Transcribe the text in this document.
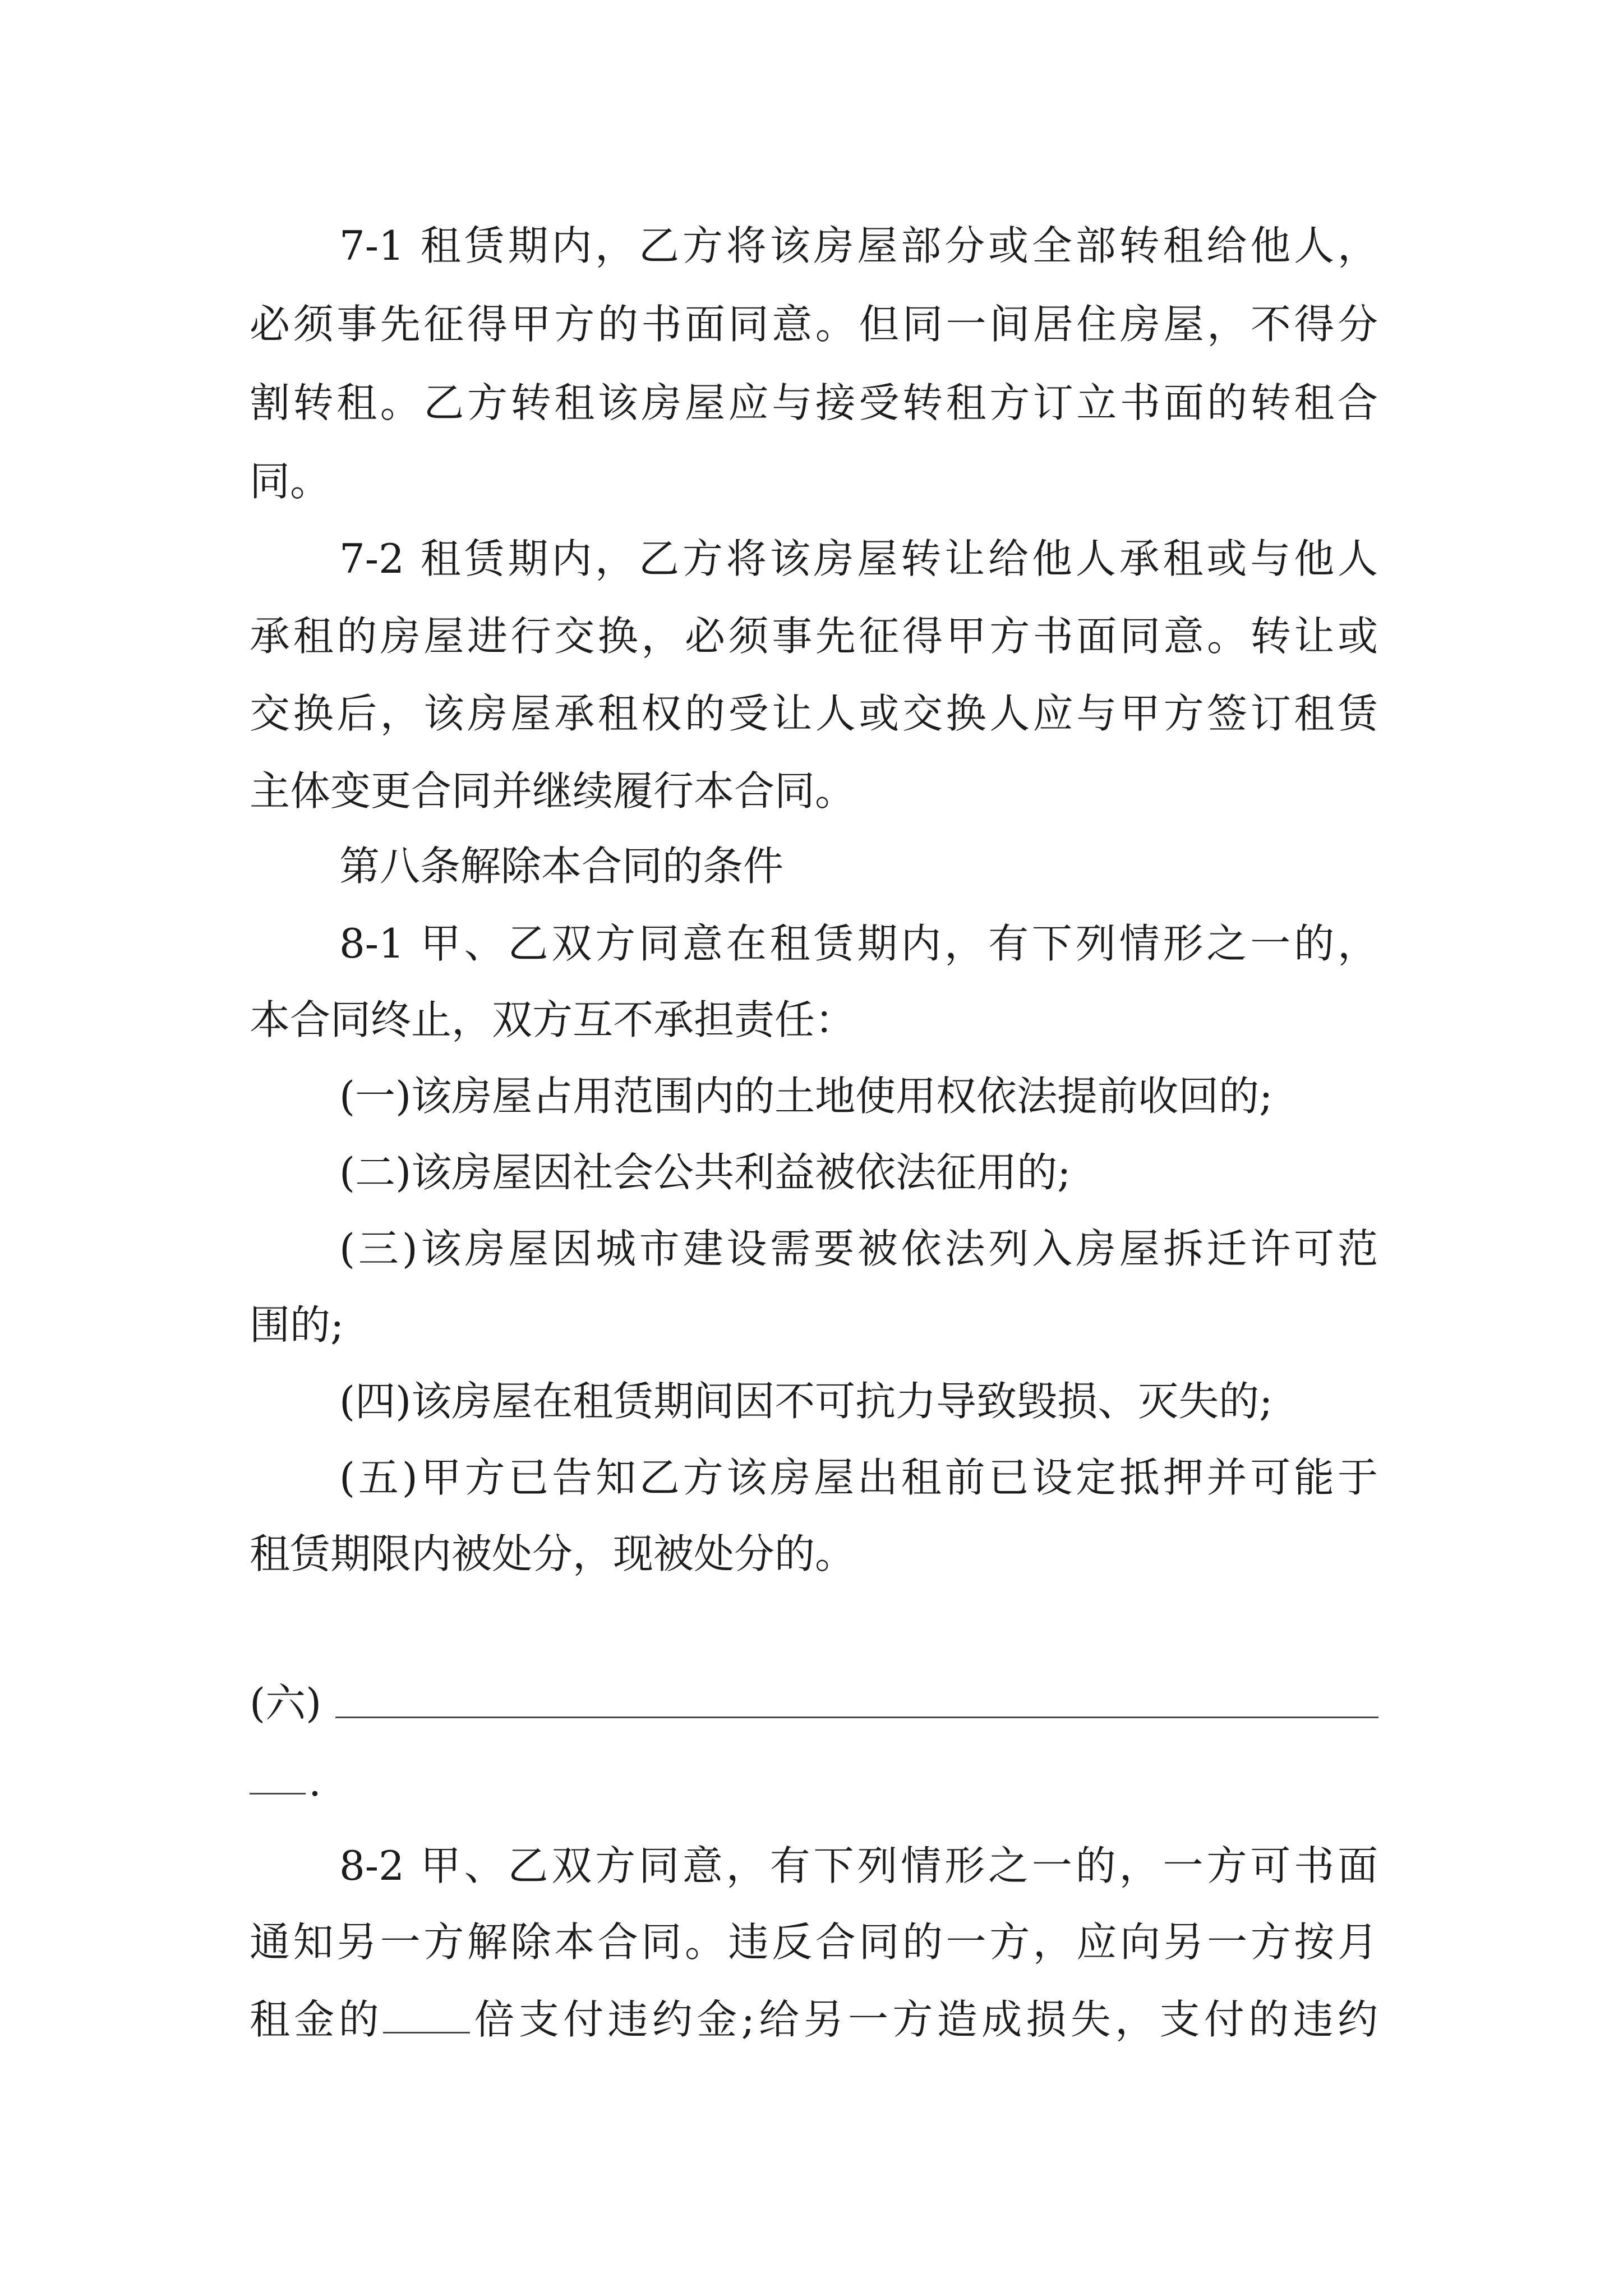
7-1 租赁期内，乙方将该房屋部分或全部转租给他人，

必须事先征得甲方的书面同意。但同一间居住房屋，不得分

割转租。乙方转租该房屋应与接受转租方订立书面的转租合

同。

7-2 租赁期内，乙方将该房屋转让给他人承租或与他人

承租的房屋进行交换，必须事先征得甲方书面同意。转让或

交换后，该房屋承租权的受让人或交换人应与甲方签订租赁

主体变更合同并继续履行本合同。

第八条解除本合同的条件

8-1 甲、乙双方同意在租赁期内，有下列情形之一的，

本合同终止，双方互不承担责任：

(一)该房屋占用范围内的土地使用权依法提前收回的;

(二)该房屋因社会公共利益被依法征用的;

(三)该房屋因城市建设需要被依法列入房屋拆迁许可范

围的;

(四)该房屋在租赁期间因不可抗力导致毁损、灭失的;

(五)甲方已告知乙方该房屋出租前已设定抵押并可能于

租赁期限内被处分，现被处分的。

(六)

.

8-2 甲、乙双方同意，有下列情形之一的，一方可书面

通知另一方解除本合同。违反合同的一方，应向另一方按月

租金的 倍支付违约金;给另一方造成损失，支付的违约
